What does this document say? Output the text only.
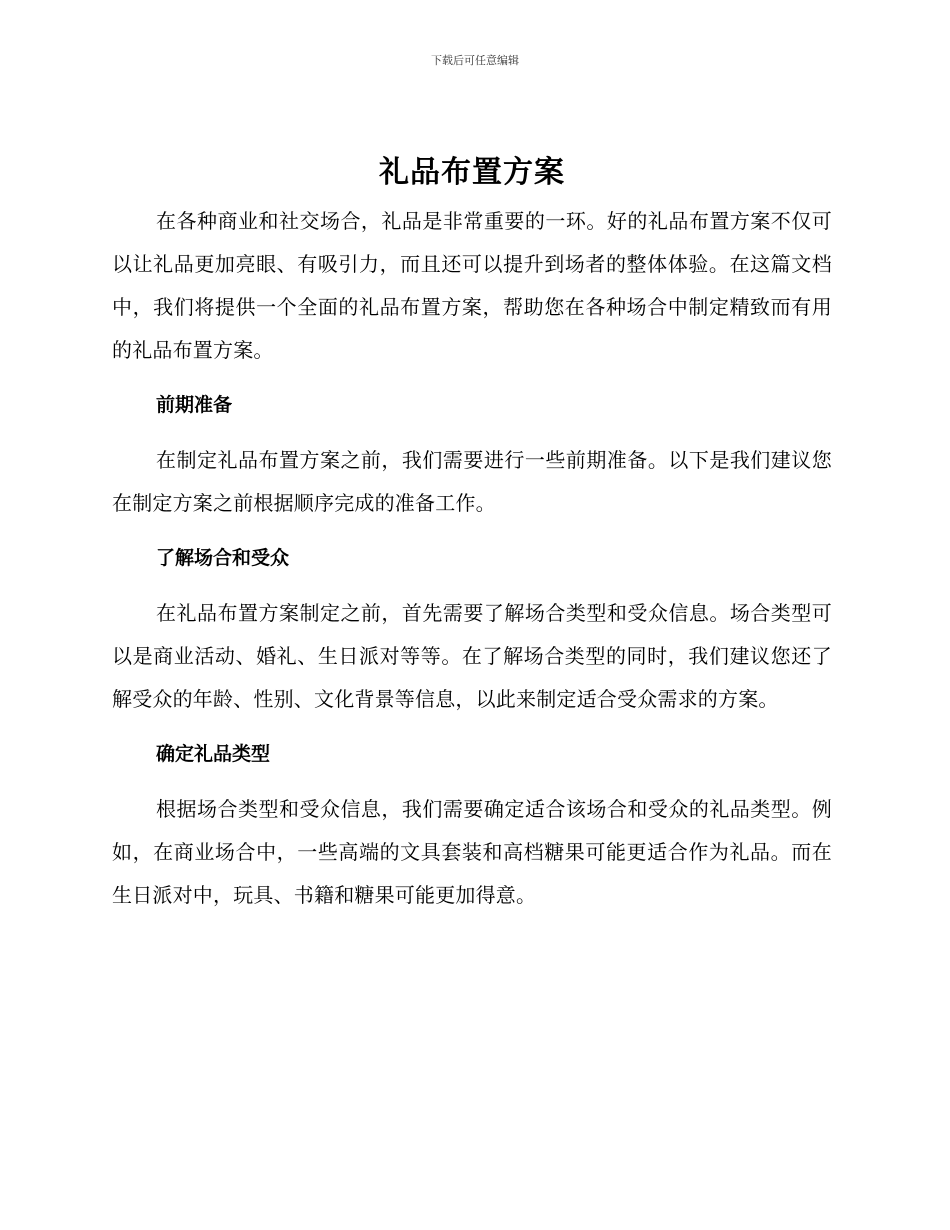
下载后可任意编辑
礼品布置方案

在各种商业和社交场合，礼品是非常重要的一环。好的礼品布置方案不仅可以让礼品更加亮眼、有吸引力，而且还可以提升到场者的整体体验。在这篇文档中，我们将提供一个全面的礼品布置方案，帮助您在各种场合中制定精致而有用的礼品布置方案。

前期准备

在制定礼品布置方案之前，我们需要进行一些前期准备。以下是我们建议您在制定方案之前根据顺序完成的准备工作。

了解场合和受众

在礼品布置方案制定之前，首先需要了解场合类型和受众信息。场合类型可以是商业活动、婚礼、生日派对等等。在了解场合类型的同时，我们建议您还了解受众的年龄、性别、文化背景等信息，以此来制定适合受众需求的方案。

确定礼品类型

根据场合类型和受众信息，我们需要确定适合该场合和受众的礼品类型。例如，在商业场合中，一些高端的文具套装和高档糖果可能更适合作为礼品。而在生日派对中，玩具、书籍和糖果可能更加得意。
